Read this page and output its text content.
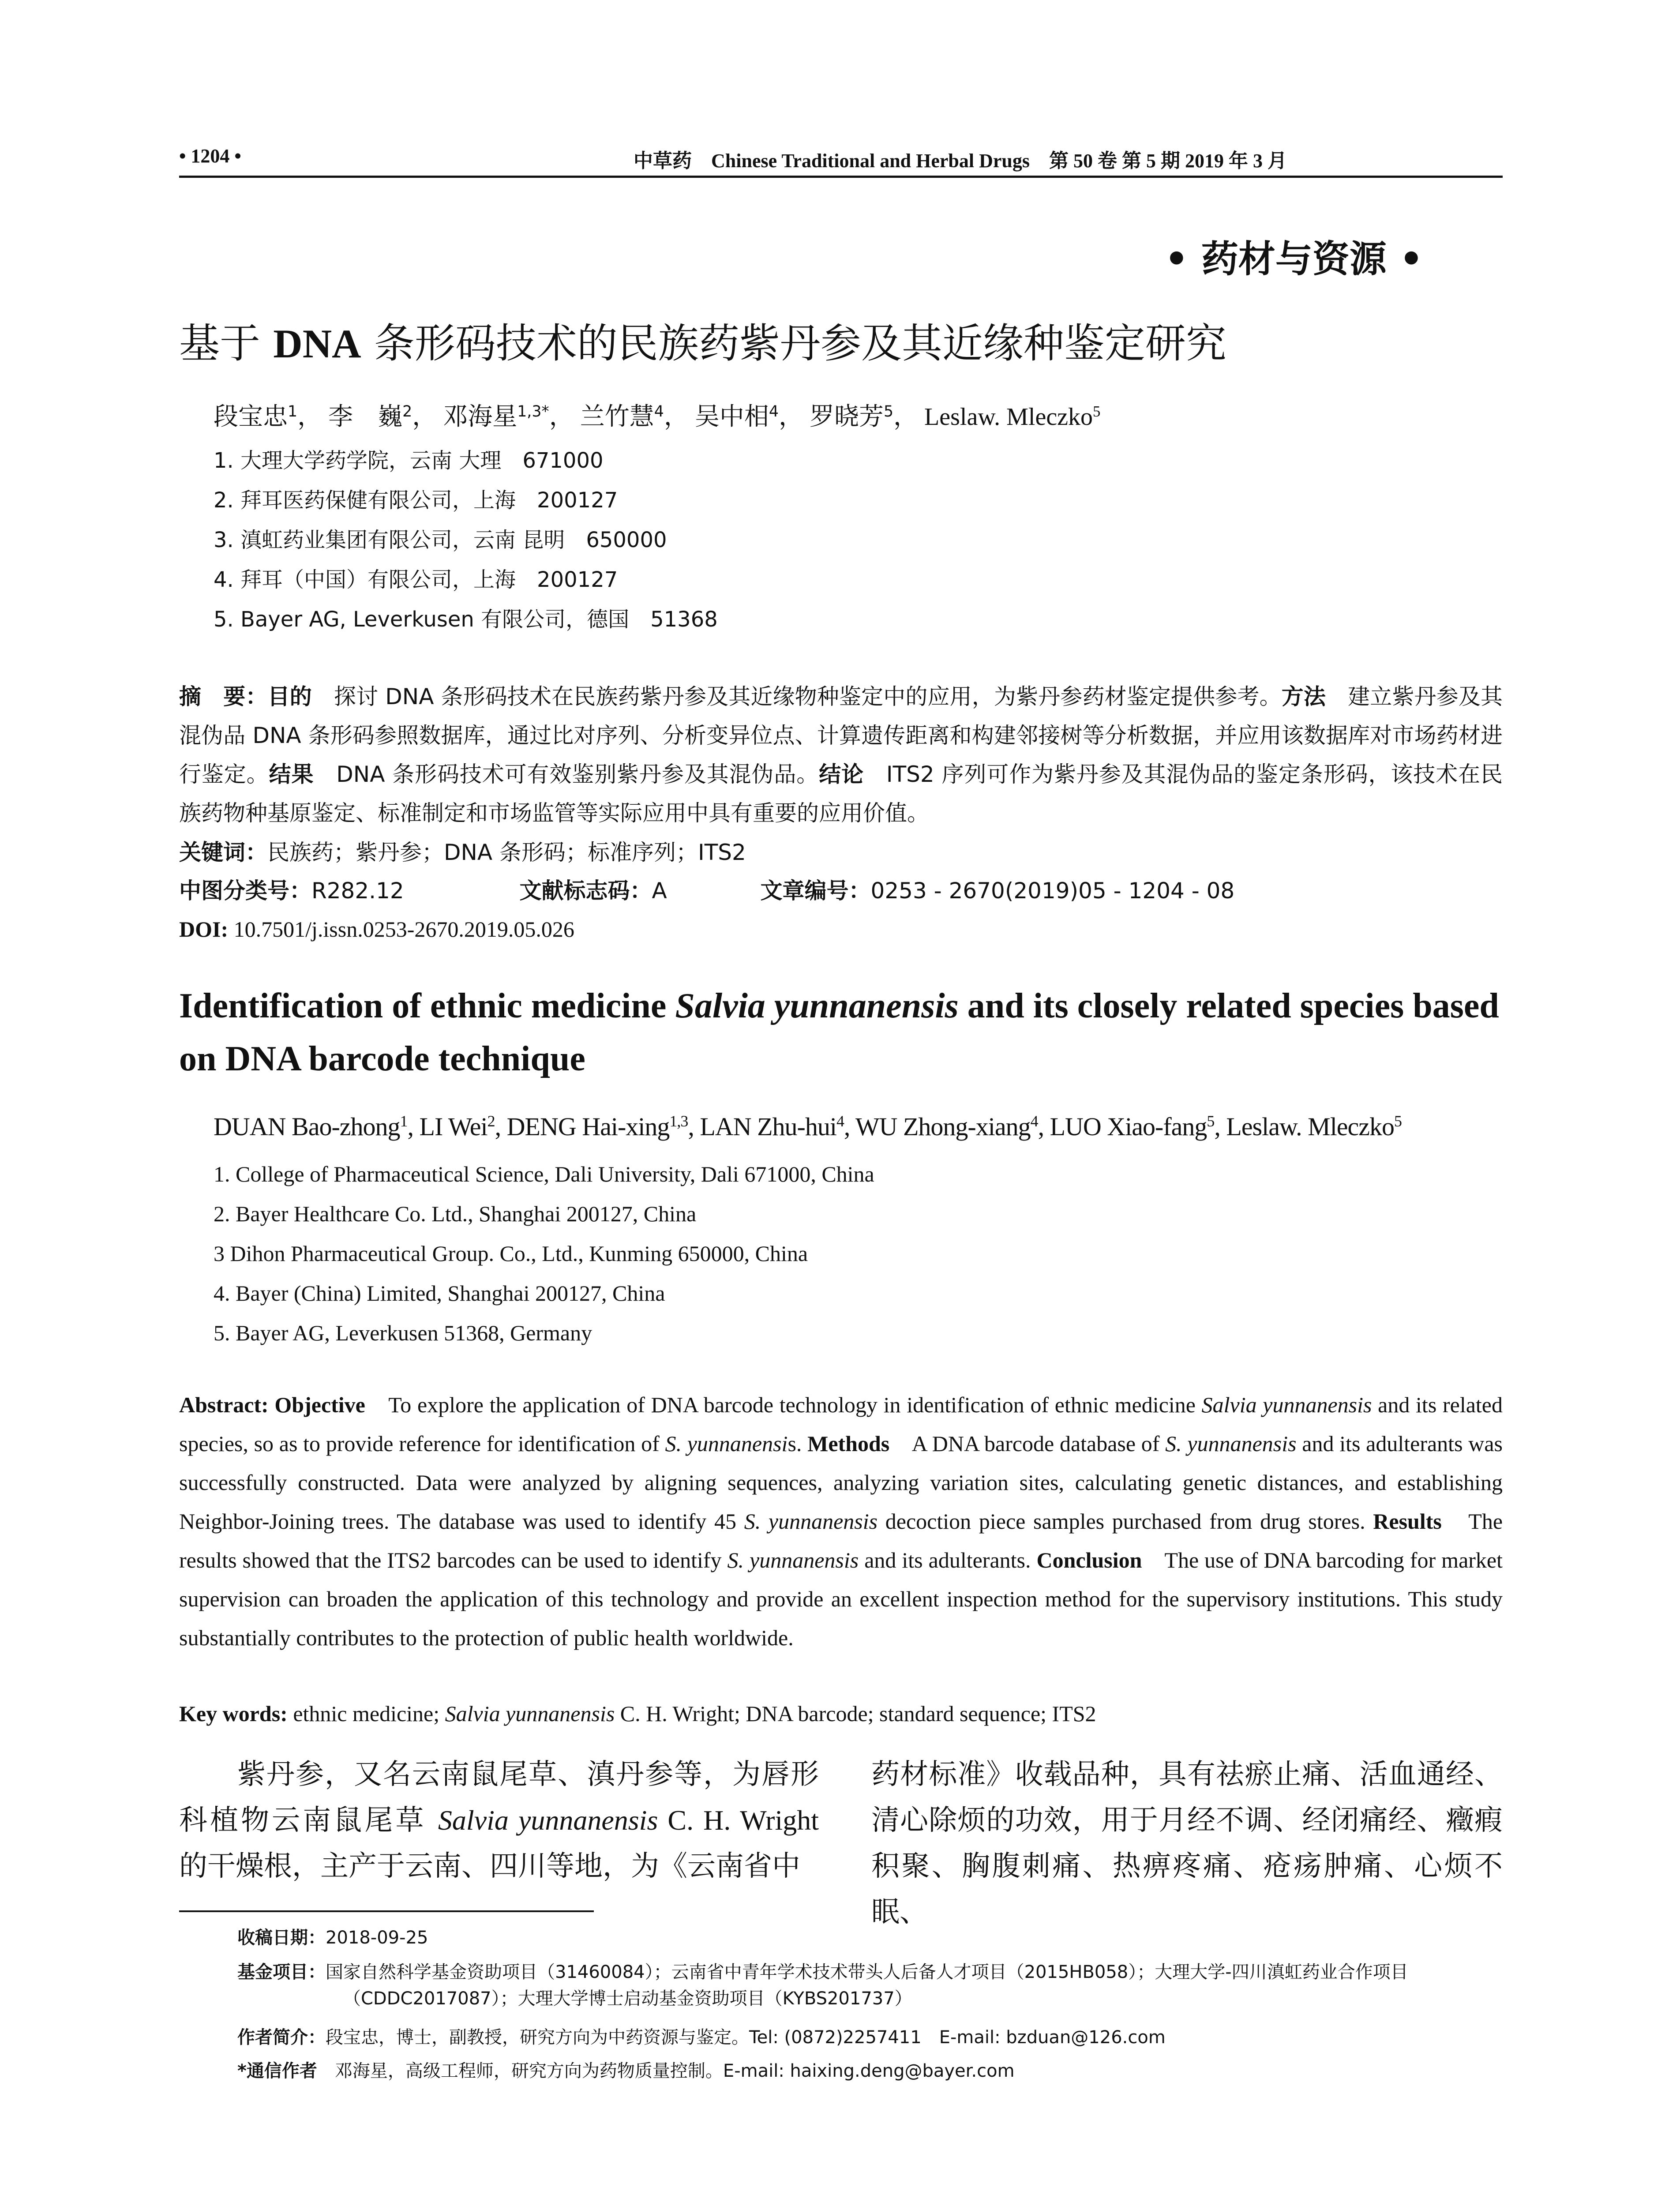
• 1204 •	中草药　Chinese Traditional and Herbal Drugs　第 50 卷 第 5 期 2019 年 3 月
• 药材与资源 •
基于 DNA 条形码技术的民族药紫丹参及其近缘种鉴定研究
段宝忠$^1$， 李　巍$^2$， 邓海星$^{1,3*}$， 兰竹慧$^4$， 吴中相$^4$， 罗晓芳$^5$， Leslaw. Mleczko$^5$
1. 大理大学药学院，云南 大理　671000
2. 拜耳医药保健有限公司，上海　200127
3. 滇虹药业集团有限公司，云南 昆明　650000
4. 拜耳（中国）有限公司，上海　200127
5. Bayer AG, Leverkusen 有限公司，德国　51368
摘　要：目的　探讨 DNA 条形码技术在民族药紫丹参及其近缘物种鉴定中的应用，为紫丹参药材鉴定提供参考。方法　建立紫丹参及其混伪品 DNA 条形码参照数据库，通过比对序列、分析变异位点、计算遗传距离和构建邻接树等分析数据，并应用该数据库对市场药材进行鉴定。结果　DNA 条形码技术可有效鉴别紫丹参及其混伪品。结论　ITS2 序列可作为紫丹参及其混伪品的鉴定条形码，该技术在民族药物种基原鉴定、标准制定和市场监管等实际应用中具有重要的应用价值。
关键词：民族药；紫丹参；DNA 条形码；标准序列；ITS2
中图分类号：R282.12	文献标志码：A	文章编号：0253 - 2670(2019)05 - 1204 - 08
DOI: 10.7501/j.issn.0253-2670.2019.05.026
Identification of ethnic medicine Salvia yunnanensis and its closely related species based on DNA barcode technique
DUAN Bao-zhong$^1$, LI Wei$^2$, DENG Hai-xing$^{1,3}$, LAN Zhu-hui$^4$, WU Zhong-xiang$^4$, LUO Xiao-fang$^5$, Leslaw. Mleczko$^5$
1. College of Pharmaceutical Science, Dali University, Dali 671000, China
2. Bayer Healthcare Co. Ltd., Shanghai 200127, China
3 Dihon Pharmaceutical Group. Co., Ltd., Kunming 650000, China
4. Bayer (China) Limited, Shanghai 200127, China
5. Bayer AG, Leverkusen 51368, Germany
Abstract: Objective　To explore the application of DNA barcode technology in identification of ethnic medicine Salvia yunnanensis and its related species, so as to provide reference for identification of S. yunnanensis. Methods　A DNA barcode database of S. yunnanensis and its adulterants was successfully constructed. Data were analyzed by aligning sequences, analyzing variation sites, calculating genetic distances, and establishing Neighbor-Joining trees. The database was used to identify 45 S. yunnanensis decoction piece samples purchased from drug stores. Results　The results showed that the ITS2 barcodes can be used to identify S. yunnanensis and its adulterants. Conclusion　The use of DNA barcoding for market supervision can broaden the application of this technology and provide an excellent inspection method for the supervisory institutions. This study substantially contributes to the protection of public health worldwide.
Key words: ethnic medicine; Salvia yunnanensis C. H. Wright; DNA barcode; standard sequence; ITS2
　　紫丹参，又名云南鼠尾草、滇丹参等，为唇形科植物云南鼠尾草 Salvia yunnanensis C. H. Wright 的干燥根，主产于云南、四川等地，为《云南省中
药材标准》收载品种，具有祛瘀止痛、活血通经、清心除烦的功效，用于月经不调、经闭痛经、癥瘕积聚、胸腹刺痛、热痹疼痛、疮疡肿痛、心烦不眠、
收稿日期：2018-09-25
基金项目：国家自然科学基金资助项目（31460084）；云南省中青年学术技术带头人后备人才项目（2015HB058）；大理大学-四川滇虹药业合作项目（CDDC2017087）；大理大学博士启动基金资助项目（KYBS201737）
作者简介：段宝忠，博士，副教授，研究方向为中药资源与鉴定。Tel: (0872)2257411　E-mail: bzduan@126.com
*通信作者　邓海星，高级工程师，研究方向为药物质量控制。E-mail: haixing.deng@bayer.com
